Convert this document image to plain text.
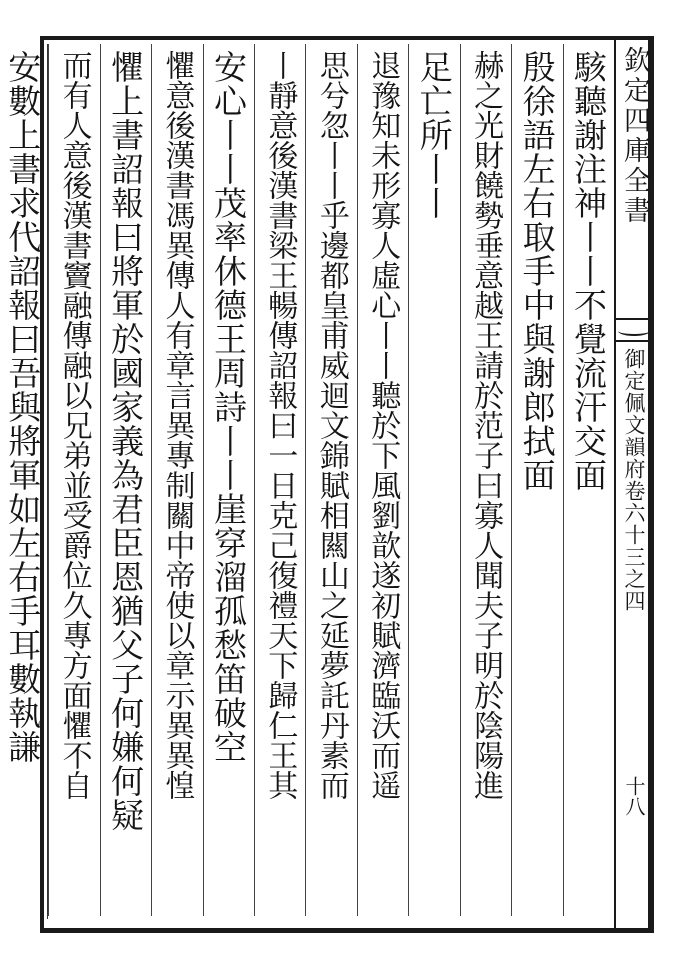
欽定四庫全書
御定佩文韻府卷六十三之四
十八
駭聽謝注神丨丨不覺流汗交面
殷徐語左右取手中與謝郎拭面
赫之光財饒勢垂意越王請於范子曰寡人聞夫子明於陰陽進
足亡所丨丨
退豫知未形寡人虛心丨丨聽於下風劉歆遂初賦濟臨沃而遥
思兮忽丨丨乎邊都皇甫威迴文錦賦相闗山之延夢託丹素而
丨靜意後漢書梁王暢傳詔報曰一日克己復禮天下歸仁王其
安心丨丨茂率休德王周詩丨丨崖穿溜孤愁笛破空
懼意後漢書馮異傳人有章言異專制關中帝使以章示異異惶
懼上書詔報曰將軍於國家義為君臣恩猶父子何嫌何疑
而有人意後漢書竇融傳融以兄弟並受爵位久專方面懼不自
安數上書求代詔報曰吾與將軍如左右手耳數執謙
